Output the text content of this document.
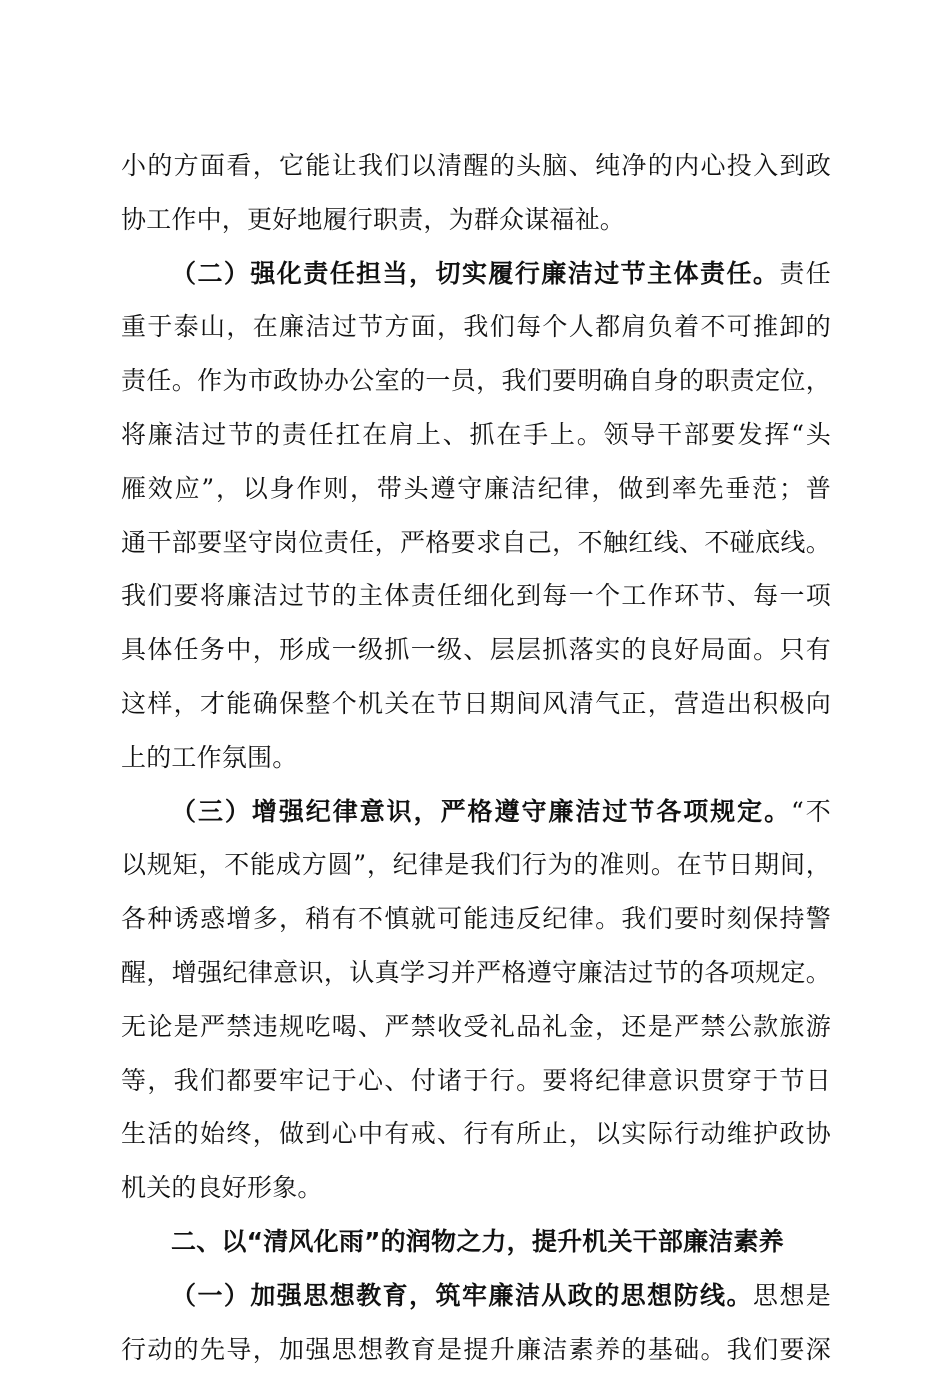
小的方面看，它能让我们以清醒的头脑、纯净的内心投入到政
协工作中，更好地履行职责，为群众谋福祉。
（二）强化责任担当，切实履行廉洁过节主体责任。责任
重于泰山，在廉洁过节方面，我们每个人都肩负着不可推卸的
责任。作为市政协办公室的一员，我们要明确自身的职责定位，
将廉洁过节的责任扛在肩上、抓在手上。领导干部要发挥“头
雁效应”，以身作则，带头遵守廉洁纪律，做到率先垂范；普
通干部要坚守岗位责任，严格要求自己，不触红线、不碰底线。
我们要将廉洁过节的主体责任细化到每一个工作环节、每一项
具体任务中，形成一级抓一级、层层抓落实的良好局面。只有
这样，才能确保整个机关在节日期间风清气正，营造出积极向
上的工作氛围。
（三）增强纪律意识，严格遵守廉洁过节各项规定。“不
以规矩，不能成方圆”，纪律是我们行为的准则。在节日期间，
各种诱惑增多，稍有不慎就可能违反纪律。我们要时刻保持警
醒，增强纪律意识，认真学习并严格遵守廉洁过节的各项规定。
无论是严禁违规吃喝、严禁收受礼品礼金，还是严禁公款旅游
等，我们都要牢记于心、付诸于行。要将纪律意识贯穿于节日
生活的始终，做到心中有戒、行有所止，以实际行动维护政协
机关的良好形象。
二、以“清风化雨”的润物之力，提升机关干部廉洁素养
（一）加强思想教育，筑牢廉洁从政的思想防线。思想是
行动的先导，加强思想教育是提升廉洁素养的基础。我们要深
